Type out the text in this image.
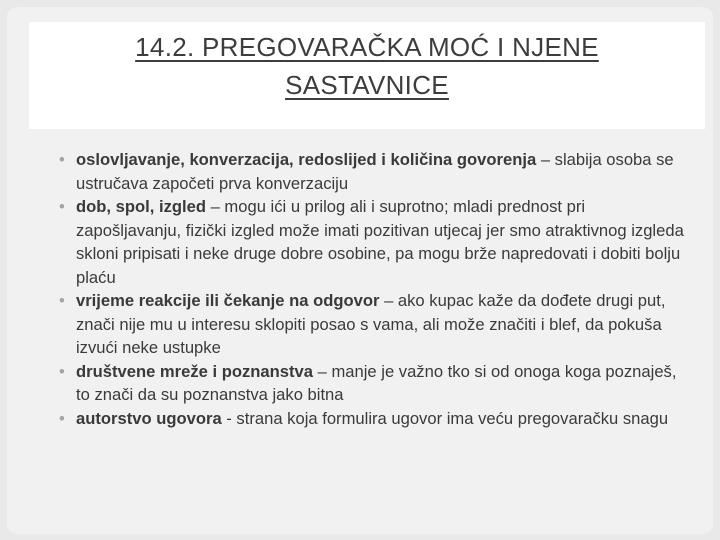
14.2. PREGOVARAČKA MOĆ I NJENE
SASTAVNICE
• oslovljavanje, konverzacija, redoslijed i količina govorenja – slabija osoba se ustručava započeti prva konverzaciju
• dob, spol, izgled – mogu ići u prilog ali i suprotno; mladi prednost pri zapošljavanju, fizički izgled može imati pozitivan utjecaj jer smo atraktivnog izgleda skloni pripisati i neke druge dobre osobine, pa mogu brže napredovati i dobiti bolju plaću
• vrijeme reakcije ili čekanje na odgovor – ako kupac kaže da dođete drugi put, znači nije mu u interesu sklopiti posao s vama, ali može značiti i blef, da pokuša izvući neke ustupke
• društvene mreže i poznanstva – manje je važno tko si od onoga koga poznaješ, to znači da su poznanstva jako bitna
• autorstvo ugovora - strana koja formulira ugovor ima veću pregovaračku snagu
